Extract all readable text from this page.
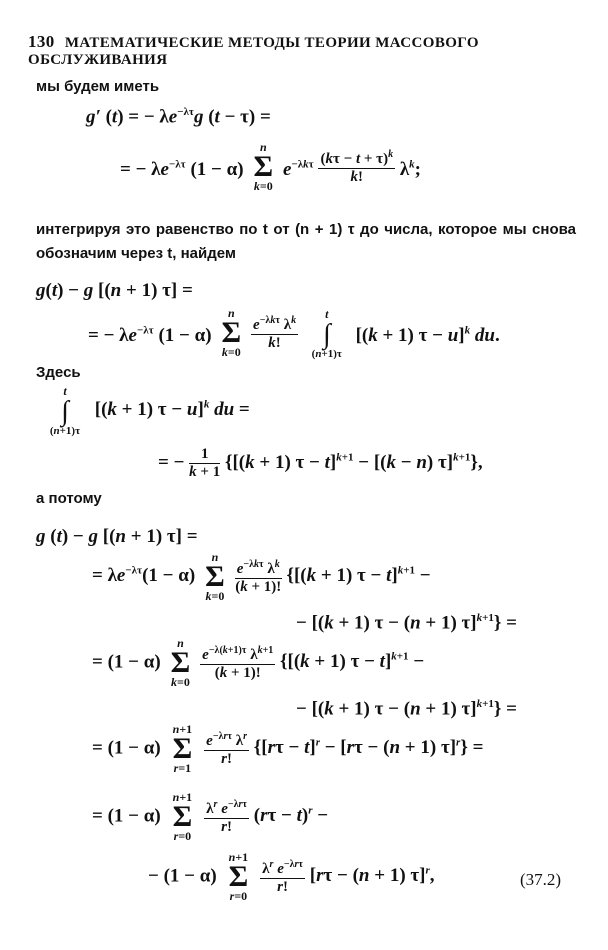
130 МАТЕМАТИЧЕСКИЕ МЕТОДЫ ТЕОРИИ МАССОВОГО ОБСЛУЖИВАНИЯ
мы будем иметь
g′ (t) = − $\lambda e^{-\lambda\tau}g$ (t − τ) =
= − $\lambda e^{-\lambda\tau}$ (1 − α)
n
Σ
k=0
$e^{-\lambda k\tau} \frac{(k\tau - t + \tau)^k}{k!} \lambda^k$;
интегрируя это равенство по t от (n + 1) τ до числа, которое мы снова обозначим через t, найдем
g(t) − g [(n + 1) τ] =
= − $\lambda e^{-\lambda\tau}$ (1 − α)
n
Σ
k=0

$e^{-\lambda k\tau}$ $\lambda^k$
k!

t
∫
(n+1)τ
[(k + 1) τ − u]$^k$ du.
Здесь
t
∫
(n+1)τ
[(k + 1) τ − u]$^k$ du =
= − $\frac{1}{k + 1} \{[(k + 1) \tau - t]^{k+1} - [(k - n)$ τ]$^{k+1}$},
а потому
g (t) − g [(n + 1) τ] =
= $\lambda e^{-\lambda\tau}(1 - \alpha)$
n
Σ
k=0

$e^{-\lambda k\tau}$ $\lambda^k$
(k + 1)!
{[(k + 1) τ − t]$^{k+1}$ −
− [(k + 1) τ − (n + 1) τ]$^{k+1}$} =
= (1 − α)
n
Σ
k=0

$\frac{e^{-\lambda(k+1)\tau} \lambda^{k+1}}{(k + 1)!} \{[(k + 1) \tau - t]^{k+1}$ −
− [(k + 1) τ − (n + 1) τ]$^{k+1}$} =
= (1 − α)
n+1
Σ
r=1

$e^{-\lambda r\tau}$ $\lambda^r$
r!
$\{[r\tau - t]^r - [r\tau - (n + 1) \tau]^r\}$ =
= (1 − α)
n+1
Σ
r=0

$\lambda^r$ $e^{-\lambda r\tau}$
r!
$(r\tau - t)^r$ −
− (1 − α)
n+1
Σ
r=0

$\lambda^r$ $e^{-\lambda r\tau}$
r!
[rτ − (n + 1) τ]$^r$,	(37.2)
